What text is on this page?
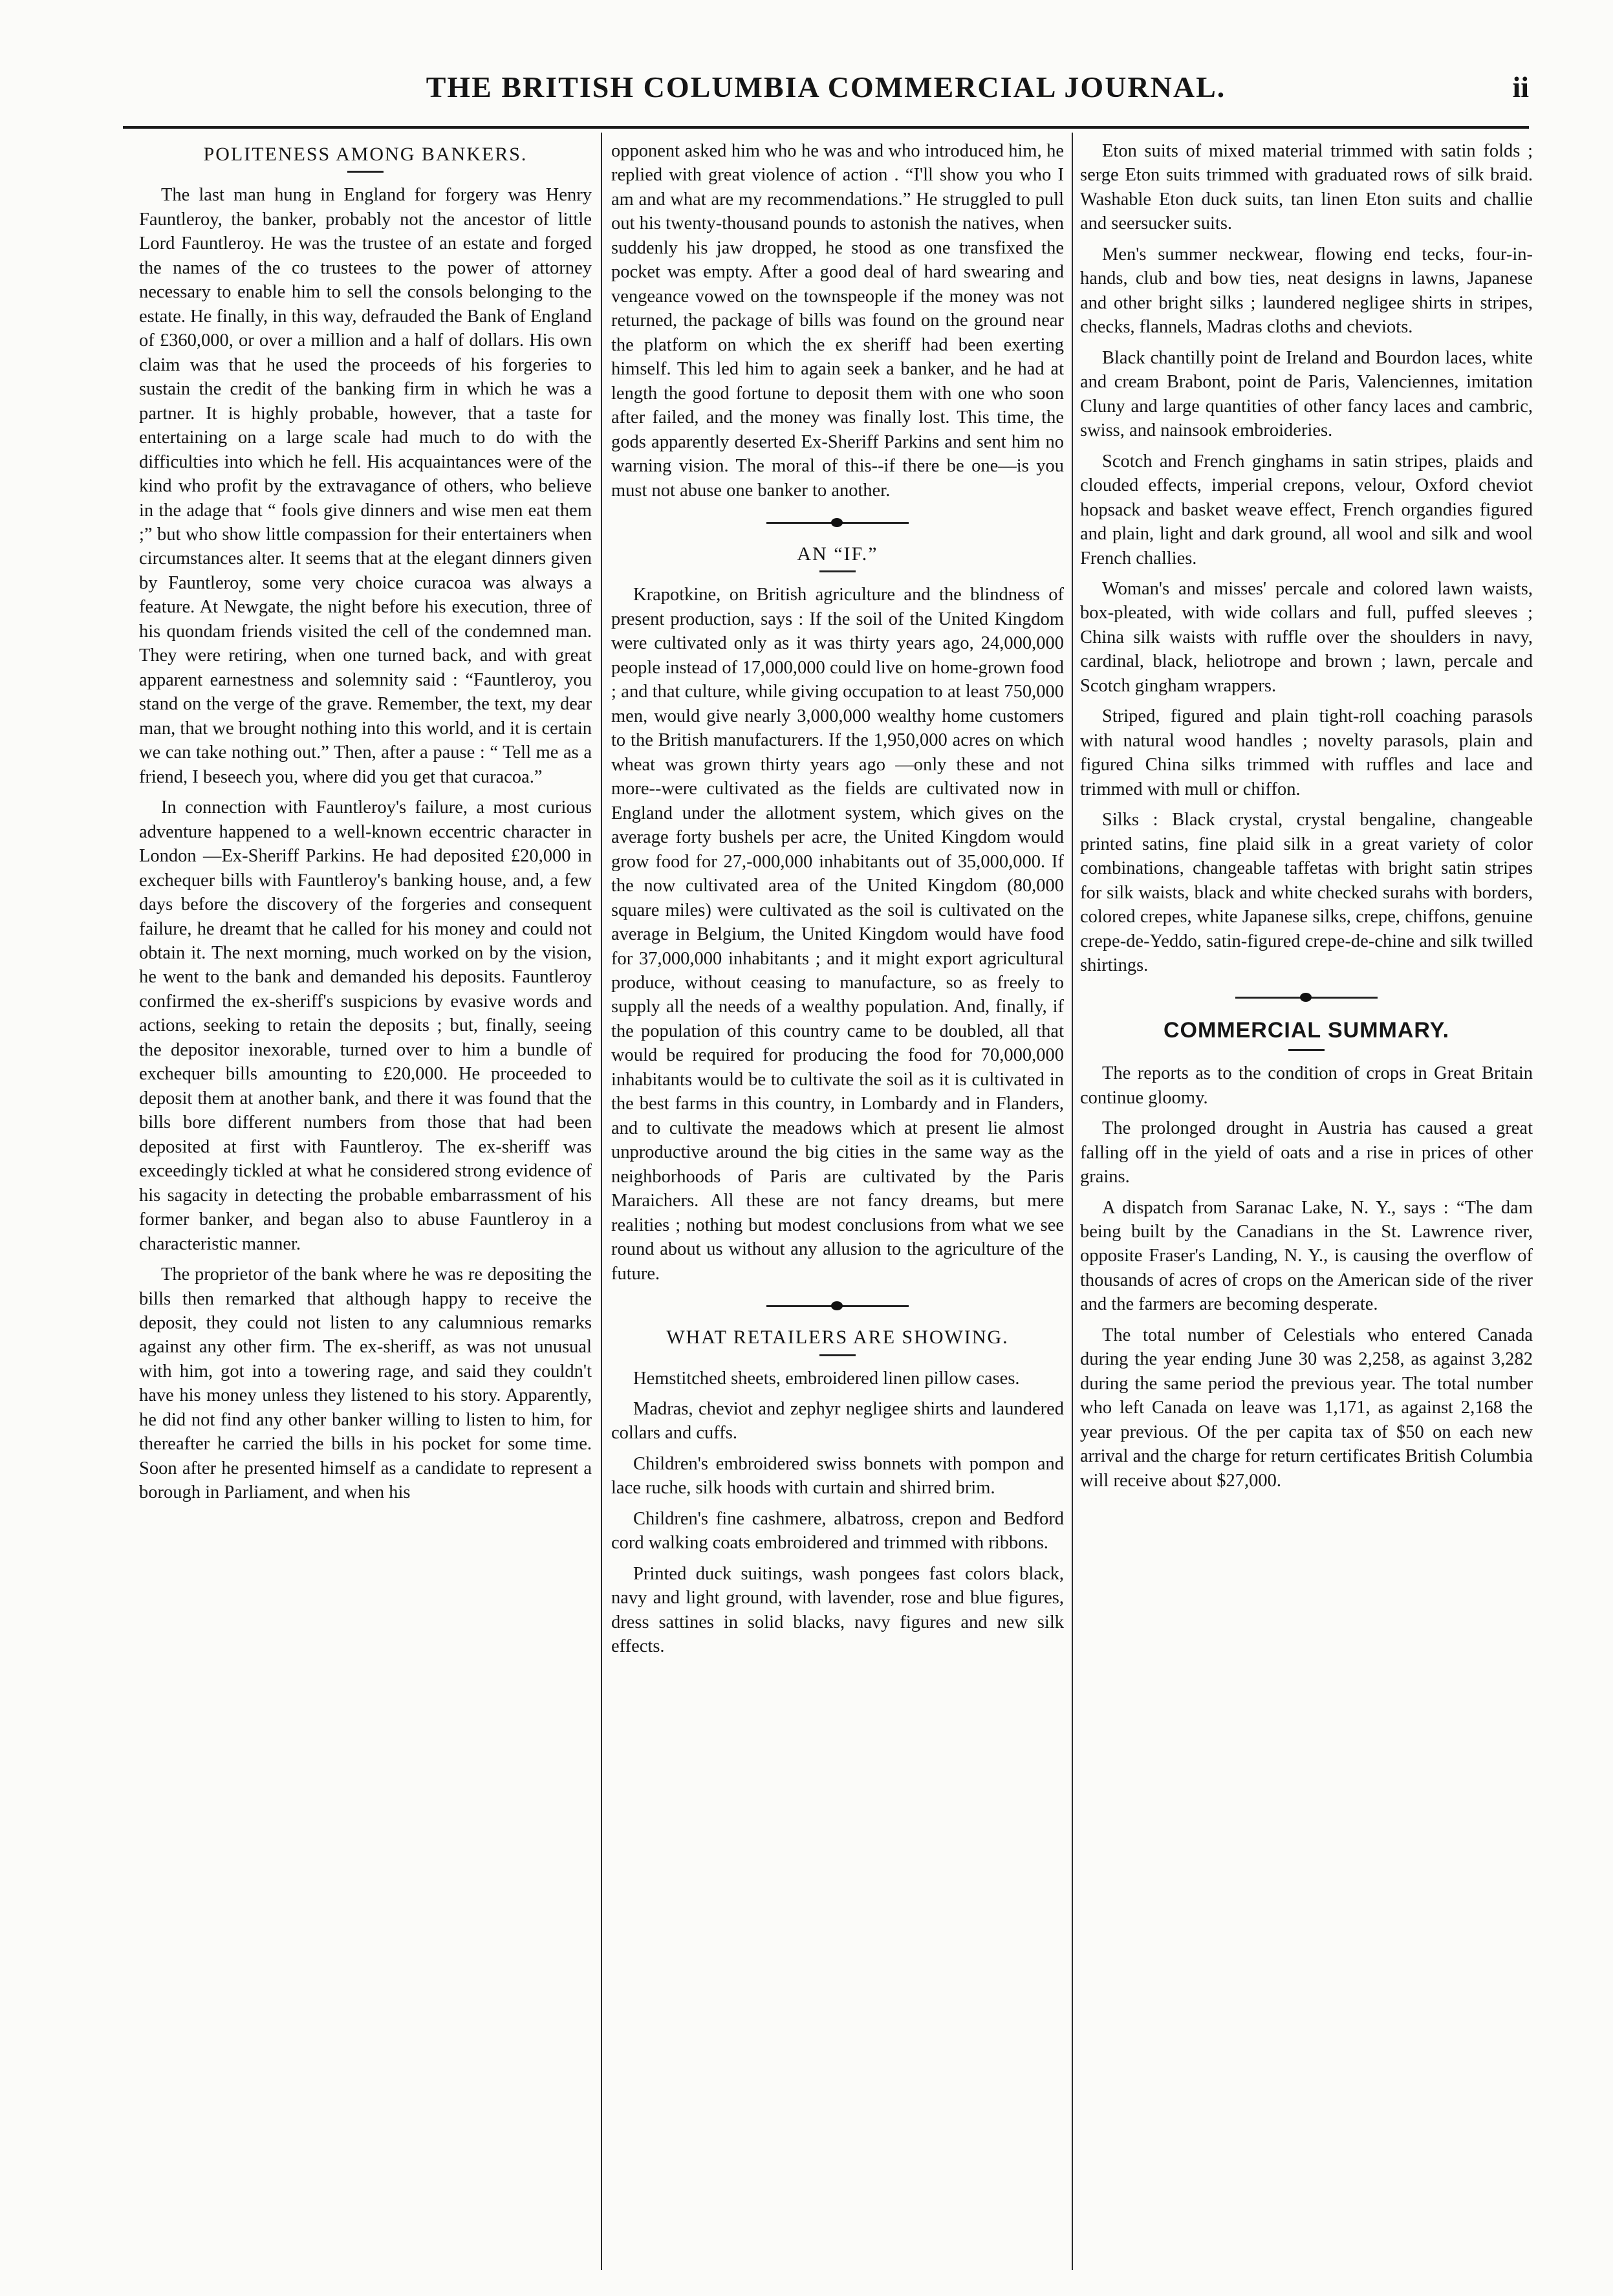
THE BRITISH COLUMBIA COMMERCIAL JOURNAL.	ii
POLITENESS AMONG BANKERS.

The last man hung in England for forgery was Henry Fauntleroy, the banker, probably not the ancestor of little Lord Fauntleroy. He was the trustee of an estate and forged the names of the co trustees to the power of attorney necessary to enable him to sell the consols belonging to the estate. He finally, in this way, defrauded the Bank of England of £360,000, or over a million and a half of dollars. His own claim was that he used the proceeds of his forgeries to sustain the credit of the banking firm in which he was a partner. It is highly probable, however, that a taste for entertaining on a large scale had much to do with the difficulties into which he fell. His acquaintances were of the kind who profit by the extravagance of others, who believe in the adage that “ fools give dinners and wise men eat them ;” but who show little compassion for their entertainers when circumstances alter. It seems that at the elegant dinners given by Fauntleroy, some very choice curacoa was always a feature. At Newgate, the night before his execution, three of his quondam friends visited the cell of the condemned man. They were retiring, when one turned back, and with great apparent earnestness and solemnity said : “Fauntleroy, you stand on the verge of the grave. Remember, the text, my dear man, that we brought nothing into this world, and it is certain we can take nothing out.” Then, after a pause : “ Tell me as a friend, I beseech you, where did you get that curacoa.”

In connection with Fauntleroy's failure, a most curious adventure happened to a well-known eccentric character in London —Ex-Sheriff Parkins. He had deposited £20,000 in exchequer bills with Fauntleroy's banking house, and, a few days before the discovery of the forgeries and consequent failure, he dreamt that he called for his money and could not obtain it. The next morning, much worked on by the vision, he went to the bank and demanded his deposits. Fauntleroy confirmed the ex-sheriff's suspicions by evasive words and actions, seeking to retain the deposits ; but, finally, seeing the depositor inexorable, turned over to him a bundle of exchequer bills amounting to £20,000. He proceeded to deposit them at another bank, and there it was found that the bills bore different numbers from those that had been deposited at first with Fauntleroy. The ex-sheriff was exceedingly tickled at what he considered strong evidence of his sagacity in detecting the probable embarrassment of his former banker, and began also to abuse Fauntleroy in a characteristic manner.

The proprietor of the bank where he was re depositing the bills then remarked that although happy to receive the deposit, they could not listen to any calumnious remarks against any other firm. The ex-sheriff, as was not unusual with him, got into a towering rage, and said they couldn't have his money unless they listened to his story. Apparently, he did not find any other banker willing to listen to him, for thereafter he carried the bills in his pocket for some time. Soon after he presented himself as a candidate to represent a borough in Parliament, and when his

opponent asked him who he was and who introduced him, he replied with great violence of action . “I'll show you who I am and what are my recommendations.” He struggled to pull out his twenty-thousand pounds to astonish the natives, when suddenly his jaw dropped, he stood as one transfixed the pocket was empty. After a good deal of hard swearing and vengeance vowed on the townspeople if the money was not returned, the package of bills was found on the ground near the platform on which the ex sheriff had been exerting himself. This led him to again seek a banker, and he had at length the good fortune to deposit them with one who soon after failed, and the money was finally lost. This time, the gods apparently deserted Ex-Sheriff Parkins and sent him no warning vision. The moral of this--if there be one—is you must not abuse one banker to another.

AN “IF.”

Krapotkine, on British agriculture and the blindness of present production, says : If the soil of the United Kingdom were cultivated only as it was thirty years ago, 24,000,000 people instead of 17,000,000 could live on home-grown food ; and that culture, while giving occupation to at least 750,000 men, would give nearly 3,000,000 wealthy home customers to the British manufacturers. If the 1,950,000 acres on which wheat was grown thirty years ago —only these and not more--were cultivated as the fields are cultivated now in England under the allotment system, which gives on the average forty bushels per acre, the United Kingdom would grow food for 27,-000,000 inhabitants out of 35,000,000. If the now cultivated area of the United Kingdom (80,000 square miles) were cultivated as the soil is cultivated on the average in Belgium, the United Kingdom would have food for 37,000,000 inhabitants ; and it might export agricultural produce, without ceasing to manufacture, so as freely to supply all the needs of a wealthy population. And, finally, if the population of this country came to be doubled, all that would be required for producing the food for 70,000,000 inhabitants would be to cultivate the soil as it is cultivated in the best farms in this country, in Lombardy and in Flanders, and to cultivate the meadows which at present lie almost unproductive around the big cities in the same way as the neighborhoods of Paris are cultivated by the Paris Maraichers. All these are not fancy dreams, but mere realities ; nothing but modest conclusions from what we see round about us without any allusion to the agriculture of the future.

WHAT RETAILERS ARE SHOWING.

Hemstitched sheets, embroidered linen pillow cases.

Madras, cheviot and zephyr negligee shirts and laundered collars and cuffs.

Children's embroidered swiss bonnets with pompon and lace ruche, silk hoods with curtain and shirred brim.

Children's fine cashmere, albatross, crepon and Bedford cord walking coats embroidered and trimmed with ribbons.

Printed duck suitings, wash pongees fast colors black, navy and light ground, with lavender, rose and blue figures, dress sattines in solid blacks, navy figures and new silk effects.

Eton suits of mixed material trimmed with satin folds ; serge Eton suits trimmed with graduated rows of silk braid. Washable Eton duck suits, tan linen Eton suits and challie and seersucker suits.

Men's summer neckwear, flowing end tecks, four-in-hands, club and bow ties, neat designs in lawns, Japanese and other bright silks ; laundered negligee shirts in stripes, checks, flannels, Madras cloths and cheviots.

Black chantilly point de Ireland and Bourdon laces, white and cream Brabont, point de Paris, Valenciennes, imitation Cluny and large quantities of other fancy laces and cambric, swiss, and nainsook embroideries.

Scotch and French ginghams in satin stripes, plaids and clouded effects, imperial crepons, velour, Oxford cheviot hopsack and basket weave effect, French organdies figured and plain, light and dark ground, all wool and silk and wool French challies.

Woman's and misses' percale and colored lawn waists, box-pleated, with wide collars and full, puffed sleeves ; China silk waists with ruffle over the shoulders in navy, cardinal, black, heliotrope and brown ; lawn, percale and Scotch gingham wrappers.

Striped, figured and plain tight-roll coaching parasols with natural wood handles ; novelty parasols, plain and figured China silks trimmed with ruffles and lace and trimmed with mull or chiffon.

Silks : Black crystal, crystal bengaline, changeable printed satins, fine plaid silk in a great variety of color combinations, changeable taffetas with bright satin stripes for silk waists, black and white checked surahs with borders, colored crepes, white Japanese silks, crepe, chiffons, genuine crepe-de-Yeddo, satin-figured crepe-de-chine and silk twilled shirtings.

COMMERCIAL SUMMARY.

The reports as to the condition of crops in Great Britain continue gloomy.

The prolonged drought in Austria has caused a great falling off in the yield of oats and a rise in prices of other grains.

A dispatch from Saranac Lake, N. Y., says : “The dam being built by the Canadians in the St. Lawrence river, opposite Fraser's Landing, N. Y., is causing the overflow of thousands of acres of crops on the American side of the river and the farmers are becoming desperate.

The total number of Celestials who entered Canada during the year ending June 30 was 2,258, as against 3,282 during the same period the previous year. The total number who left Canada on leave was 1,171, as against 2,168 the year previous. Of the per capita tax of $50 on each new arrival and the charge for return certificates British Columbia will receive about $27,000.
